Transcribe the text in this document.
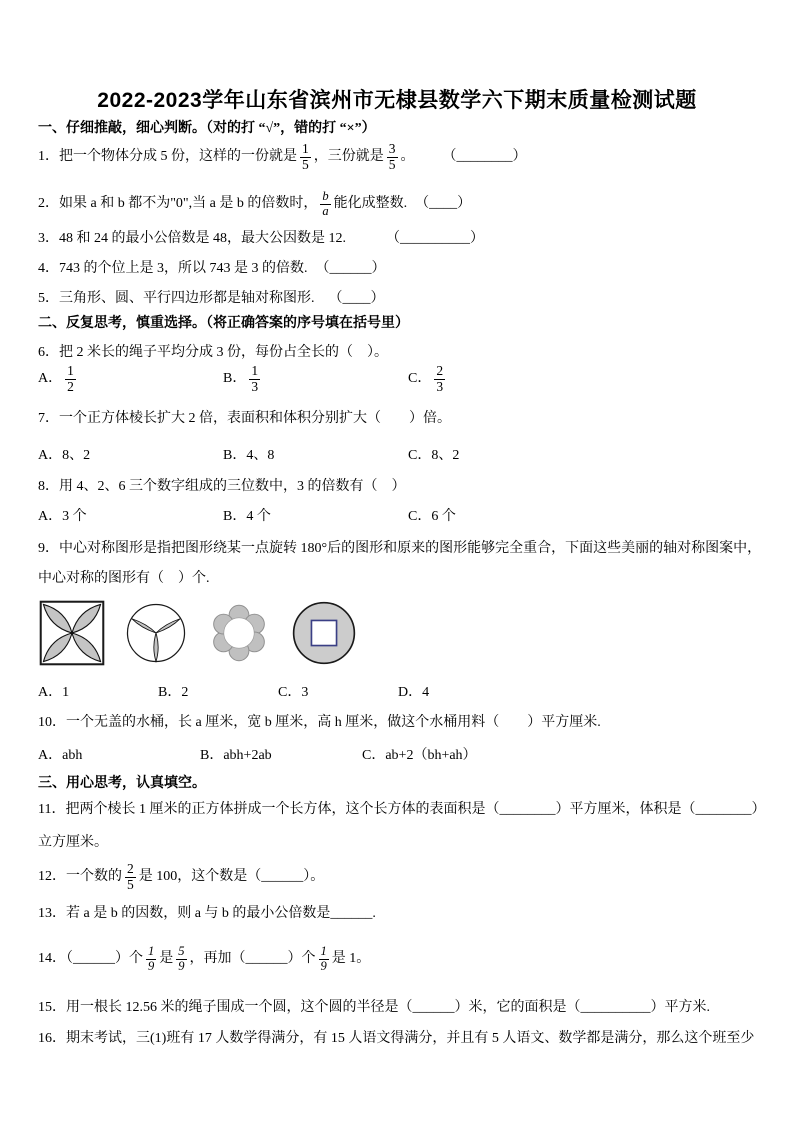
2022-2023学年山东省滨州市无棣县数学六下期末质量检测试题
一、仔细推敲，细心判断。（对的打 “√”，错的打 “×”）
1．把一个物体分成 5 份，这样的一份就是 $\frac{1}{5}$ ，三份就是 $\frac{3}{5}$ 。 （________）
2．如果 a 和 b 都不为"0",当 a 是 b 的倍数时， $\frac{b}{a}$ 能化成整数. （____）
3．48 和 24 的最小公倍数是 48，最大公因数是 12.	（__________）
4．743 的个位上是 3，所以 743 是 3 的倍数. （______）
5．三角形、圆、平行四边形都是轴对称图形. （____）
二、反复思考，慎重选择。（将正确答案的序号填在括号里）
6．把 2 米长的绳子平均分成 3 份，每份占全长的（　）。
A． $\frac{1}{2}$	B． $\frac{1}{3}$	C． $\frac{2}{3}$
7．一个正方体棱长扩大 2 倍，表面积和体积分别扩大（　　）倍。
A．8、2	B．4、8	C．8、2
8．用 4、2、6 三个数字组成的三位数中，3 的倍数有（　）
A．3 个	B．4 个	C．6 个
9．中心对称图形是指把图形绕某一点旋转 180°后的图形和原来的图形能够完全重合，下面这些美丽的轴对称图案中，
中心对称的图形有（　）个.
A．1	B．2	C．3	D．4
10．一个无盖的水桶，长 a 厘米，宽 b 厘米，高 h 厘米，做这个水桶用料（　　）平方厘米.
A．abh	B．abh+2ab	C．ab+2（bh+ah）
三、用心思考，认真填空。
11．把两个棱长 1 厘米的正方体拼成一个长方体，这个长方体的表面积是（________）平方厘米，体积是（________）
立方厘米。
12．一个数的 $\frac{2}{5}$ 是 100，这个数是（______）。
13．若 a 是 b 的因数，则 a 与 b 的最小公倍数是______.
14．（______）个 $\frac{1}{9}$ 是 $\frac{5}{9}$ ，再加（______）个 $\frac{1}{9}$ 是 1。
15．用一根长 12.56 米的绳子围成一个圆，这个圆的半径是（______）米，它的面积是（__________）平方米.
16．期末考试，三(1)班有 17 人数学得满分，有 15 人语文得满分，并且有 5 人语文、数学都是满分，那么这个班至少
